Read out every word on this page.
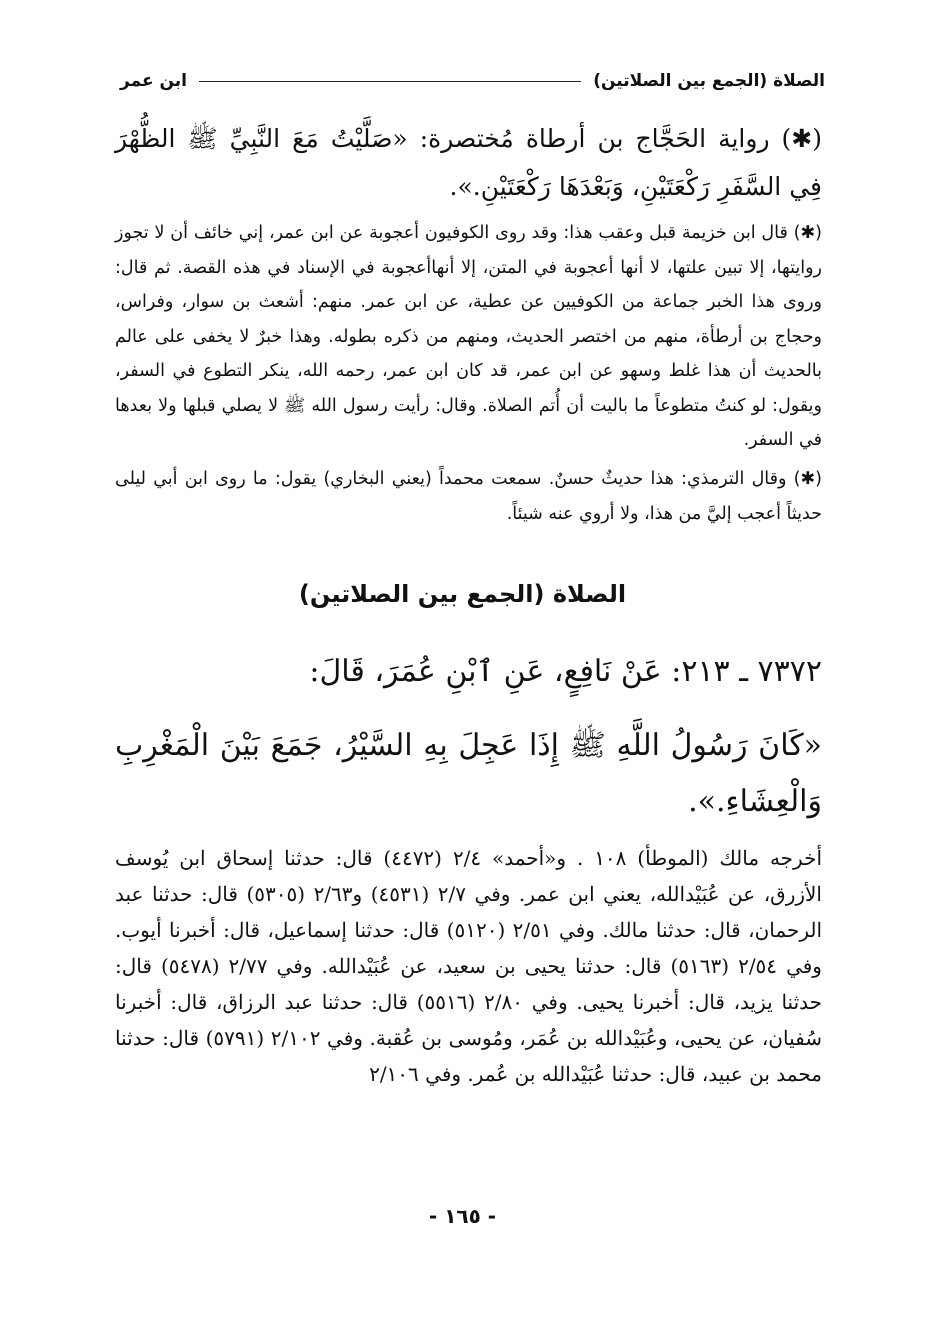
الصلاة (الجمع بين الصلاتين)
ابن عمر
(✱) رواية الحَجَّاج بن أرطاة مُختصرة: «صَلَّيْتُ مَعَ النَّبِيِّ ﷺ الظُّهْرَ فِي السَّفَرِ رَكْعَتَيْنِ، وَبَعْدَهَا رَكْعَتَيْنِ.».
(✱) قال ابن خزيمة قبل وعقب هذا: وقد روى الكوفيون أعجوبة عن ابن عمر، إني خائف أن لا تجوز روايتها، إلا تبين علتها، لا أنها أعجوبة في المتن، إلا أنهاأعجوبة في الإسناد في هذه القصة. ثم قال: وروى هذا الخبر جماعة من الكوفيين عن عطية، عن ابن عمر. منهم: أشعث بن سوار، وفراس، وحجاج بن أرطأة، منهم من اختصر الحديث، ومنهم من ذكره بطوله. وهذا خبرٌ لا يخفى على عالم بالحديث أن هذا غلط وسهو عن ابن عمر، قد كان ابن عمر، رحمه الله، ينكر التطوع في السفر، ويقول: لو كنتُ متطوعاً ما باليت أن أُتم الصلاة. وقال: رأيت رسول الله ﷺ لا يصلي قبلها ولا بعدها في السفر.
(✱) وقال الترمذي: هذا حديثٌ حسنٌ. سمعت محمداً (يعني البخاري) يقول: ما روى ابن أبي ليلى حديثاً أعجب إليَّ من هذا، ولا أروي عنه شيئاً.
الصلاة (الجمع بين الصلاتين)
٧٣٧٢ ـ ٢١٣: عَنْ نَافِعٍ، عَنِ ٱبْنِ عُمَرَ، قَالَ:
«كَانَ رَسُولُ اللَّهِ ﷺ إِذَا عَجِلَ بِهِ السَّيْرُ، جَمَعَ بَيْنَ الْمَغْرِبِ وَالْعِشَاءِ.».
أخرجه مالك (الموطأ) ١٠٨ . و«أحمد» ٢/٤ (٤٤٧٢) قال: حدثنا إسحاق ابن يُوسف الأزرق، عن عُبَيْدالله، يعني ابن عمر. وفي ٢/٧ (٤٥٣١) و٢/٦٣ (٥٣٠٥) قال: حدثنا عبد الرحمان، قال: حدثنا مالك. وفي ٢/٥١ (٥١٢٠) قال: حدثنا إسماعيل، قال: أخبرنا أيوب. وفي ٢/٥٤ (٥١٦٣) قال: حدثنا يحيى بن سعيد، عن عُبَيْدالله. وفي ٢/٧٧ (٥٤٧٨) قال: حدثنا يزيد، قال: أخبرنا يحيى. وفي ٢/٨٠ (٥٥١٦) قال: حدثنا عبد الرزاق، قال: أخبرنا سُفيان، عن يحيى، وعُبَيْدالله بن عُمَر، ومُوسى بن عُقبة. وفي ٢/١٠٢ (٥٧٩١) قال: حدثنا محمد بن عبيد، قال: حدثنا عُبَيْدالله بن عُمر. وفي ٢/١٠٦
- ١٦٥ -
